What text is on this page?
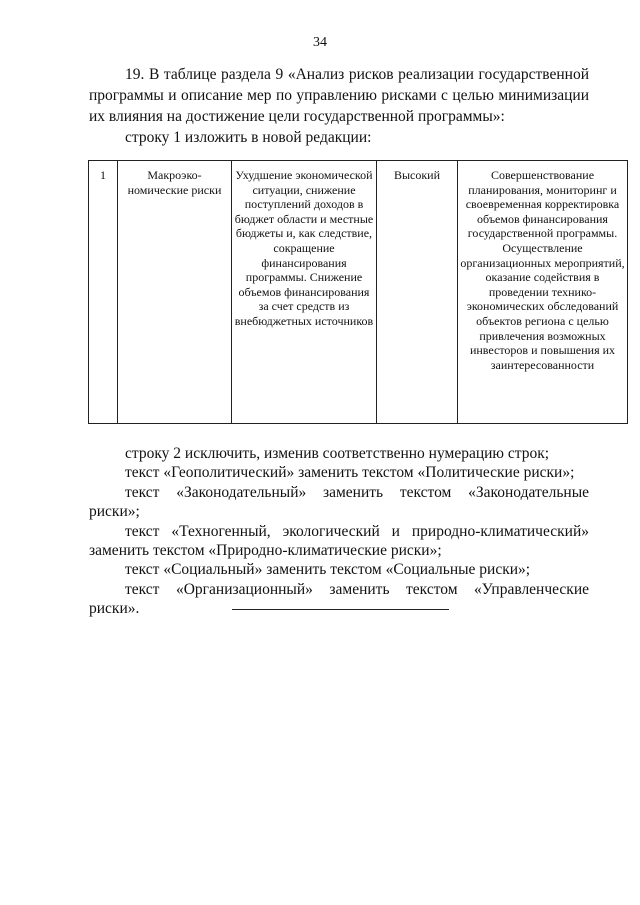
34

19. В таблице раздела 9 «Анализ рисков реализации государственной программы и описание мер по управлению рисками с целью минимизации их влияния на достижение цели государственной программы»:

строку 1 изложить в новой редакции:

1	Макроэко-номические риски	Ухудшение экономической ситуации, снижение поступлений доходов в бюджет области и местные бюджеты и, как следствие, сокращение финансирования программы. Снижение объемов финансирования за счет средств из внебюджетных источников	Высокий	Совершенствование планирования, мониторинг и своевременная корректировка объемов финансирования государственной программы. Осуществление организационных мероприятий, оказание содействия в проведении технико-экономических обследований объектов региона с целью привлечения возможных инвесторов и повышения их заинтересованности

строку 2 исключить, изменив соответственно нумерацию строк;

текст «Геополитический» заменить текстом «Политические риски»;

текст «Законодательный» заменить текстом «Законодательные риски»;

текст «Техногенный, экологический и природно-климатический»

заменить текстом «Природно-климатические риски»;

текст «Социальный» заменить текстом «Социальные риски»;

текст «Организационный» заменить текстом «Управленческие риски».
